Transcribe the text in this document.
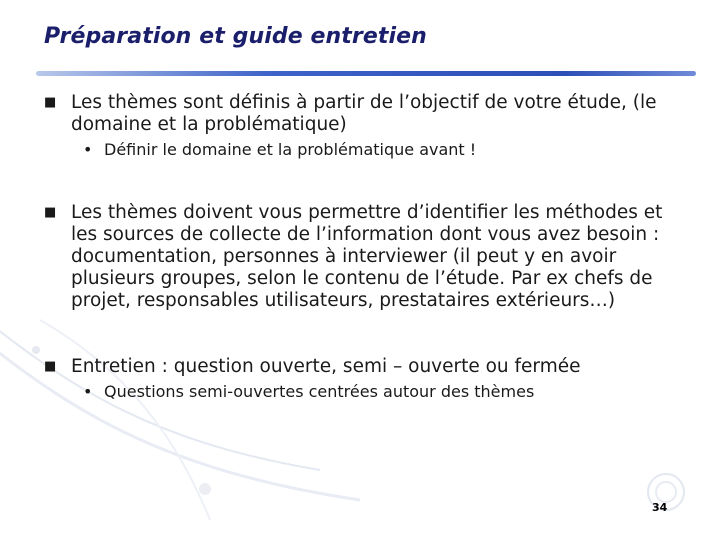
Préparation et guide entretien
■ Les thèmes sont définis à partir de l’objectif de votre étude, (le domaine et la problématique)
• Définir le domaine et la problématique avant !
■ Les thèmes doivent vous permettre d’identifier les méthodes et les sources de collecte de l’information dont vous avez besoin : documentation, personnes à interviewer (il peut y en avoir plusieurs groupes, selon le contenu de l’étude. Par ex chefs de projet, responsables utilisateurs, prestataires extérieurs…)
■ Entretien : question ouverte, semi – ouverte ou fermée
• Questions semi-ouvertes centrées autour des thèmes
34
